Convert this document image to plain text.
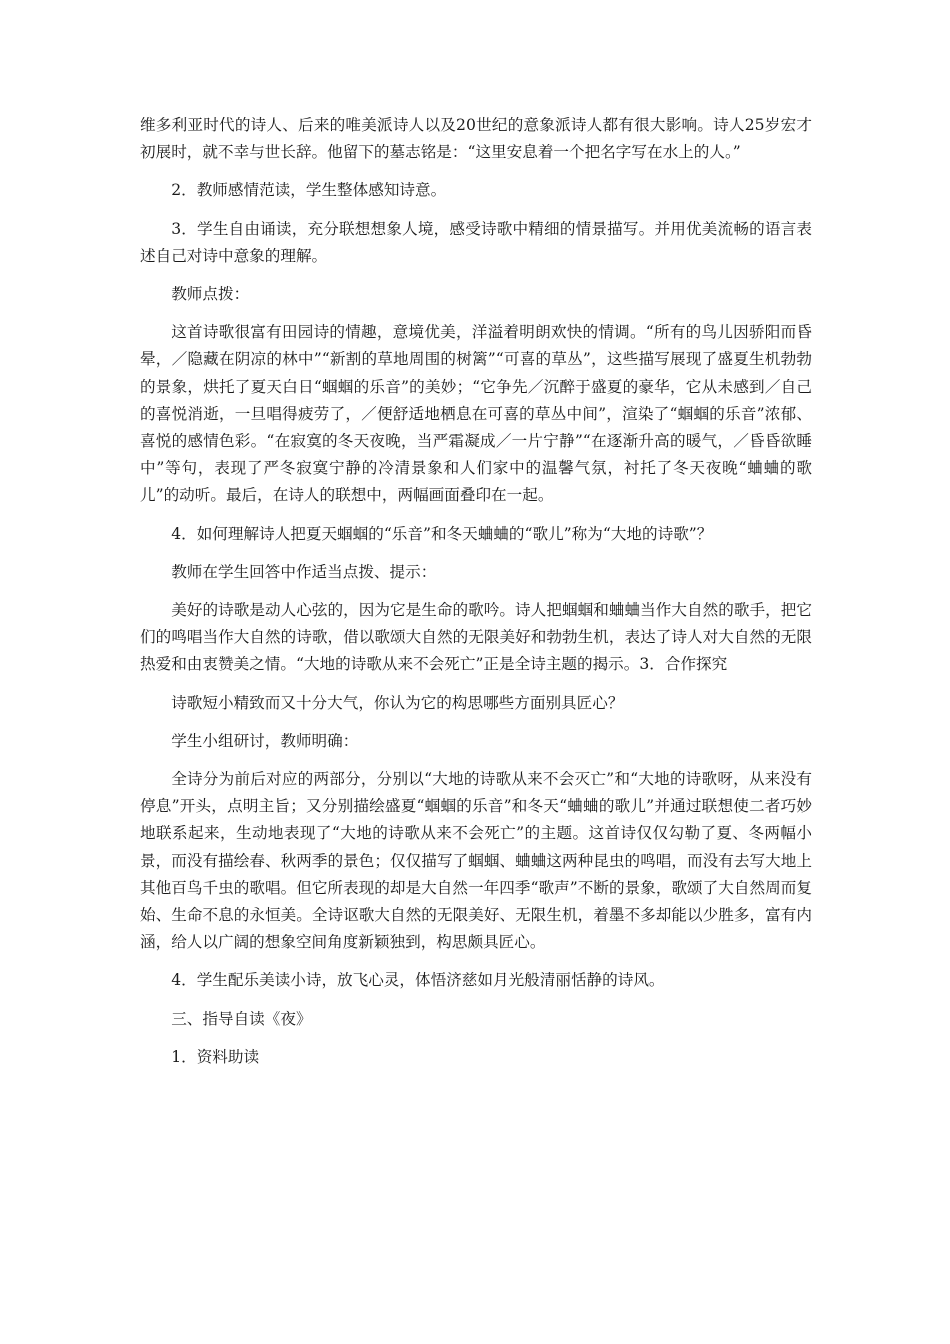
维多利亚时代的诗人、后来的唯美派诗人以及20世纪的意象派诗人都有很大影响。诗人25岁宏才初展时，就不幸与世长辞。他留下的墓志铭是：“这里安息着一个把名字写在水上的人。”

2．教师感情范读，学生整体感知诗意。

3．学生自由诵读，充分联想想象人境，感受诗歌中精细的情景描写。并用优美流畅的语言表述自己对诗中意象的理解。

教师点拨：

这首诗歌很富有田园诗的情趣，意境优美，洋溢着明朗欢快的情调。“所有的鸟儿因骄阳而昏晕，／隐藏在阴凉的林中”“新割的草地周围的树篱”“可喜的草丛”，这些描写展现了盛夏生机勃勃的景象，烘托了夏天白日“蝈蝈的乐音”的美妙；“它争先／沉醉于盛夏的豪华，它从未感到／自己的喜悦消逝，一旦唱得疲劳了，／便舒适地栖息在可喜的草丛中间”，渲染了“蝈蝈的乐音”浓郁、喜悦的感情色彩。“在寂寞的冬天夜晚，当严霜凝成／一片宁静”“在逐渐升高的暖气，／昏昏欲睡中”等句，表现了严冬寂寞宁静的冷清景象和人们家中的温馨气氛，衬托了冬天夜晚“蛐蛐的歌儿”的动听。最后，在诗人的联想中，两幅画面叠印在一起。

4．如何理解诗人把夏天蝈蝈的“乐音”和冬天蛐蛐的“歌儿”称为“大地的诗歌”？

教师在学生回答中作适当点拨、提示：

美好的诗歌是动人心弦的，因为它是生命的歌吟。诗人把蝈蝈和蛐蛐当作大自然的歌手，把它们的鸣唱当作大自然的诗歌，借以歌颂大自然的无限美好和勃勃生机，表达了诗人对大自然的无限热爱和由衷赞美之情。“大地的诗歌从来不会死亡”正是全诗主题的揭示。3．合作探究

诗歌短小精致而又十分大气，你认为它的构思哪些方面别具匠心？

学生小组研讨，教师明确：

全诗分为前后对应的两部分，分别以“大地的诗歌从来不会灭亡”和“大地的诗歌呀，从来没有停息”开头，点明主旨；又分别描绘盛夏“蝈蝈的乐音”和冬天“蛐蛐的歌儿”并通过联想使二者巧妙地联系起来，生动地表现了“大地的诗歌从来不会死亡”的主题。这首诗仅仅勾勒了夏、冬两幅小景，而没有描绘春、秋两季的景色；仅仅描写了蝈蝈、蛐蛐这两种昆虫的鸣唱，而没有去写大地上其他百鸟千虫的歌唱。但它所表现的却是大自然一年四季“歌声”不断的景象，歌颂了大自然周而复始、生命不息的永恒美。全诗讴歌大自然的无限美好、无限生机，着墨不多却能以少胜多，富有内涵，给人以广阔的想象空间角度新颖独到，构思颇具匠心。

4．学生配乐美读小诗，放飞心灵，体悟济慈如月光般清丽恬静的诗风。

三、指导自读《夜》

1．资料助读
